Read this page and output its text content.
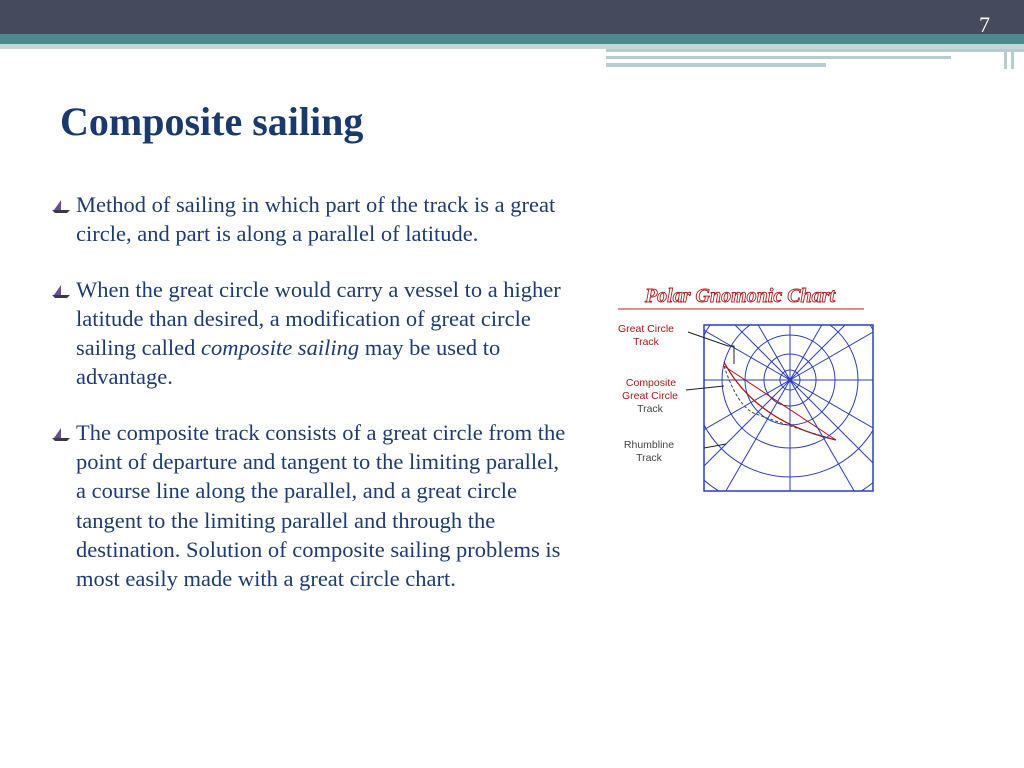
7
Composite sailing
Method of sailing in which part of the track is a great circle, and part is along a parallel of latitude.
When the great circle would carry a vessel to a higher latitude than desired, a modification of great circle sailing called composite sailing may be used to advantage.
The composite track consists of a great circle from the point of departure and tangent to the limiting parallel, a course line along the parallel, and a great circle tangent to the limiting parallel and through the destination. Solution of composite sailing problems is most easily made with a great circle chart.
Polar Gnomonic Chart
Great Circle
Track
Composite
Great Circle
Track
Rhumbline
Track
